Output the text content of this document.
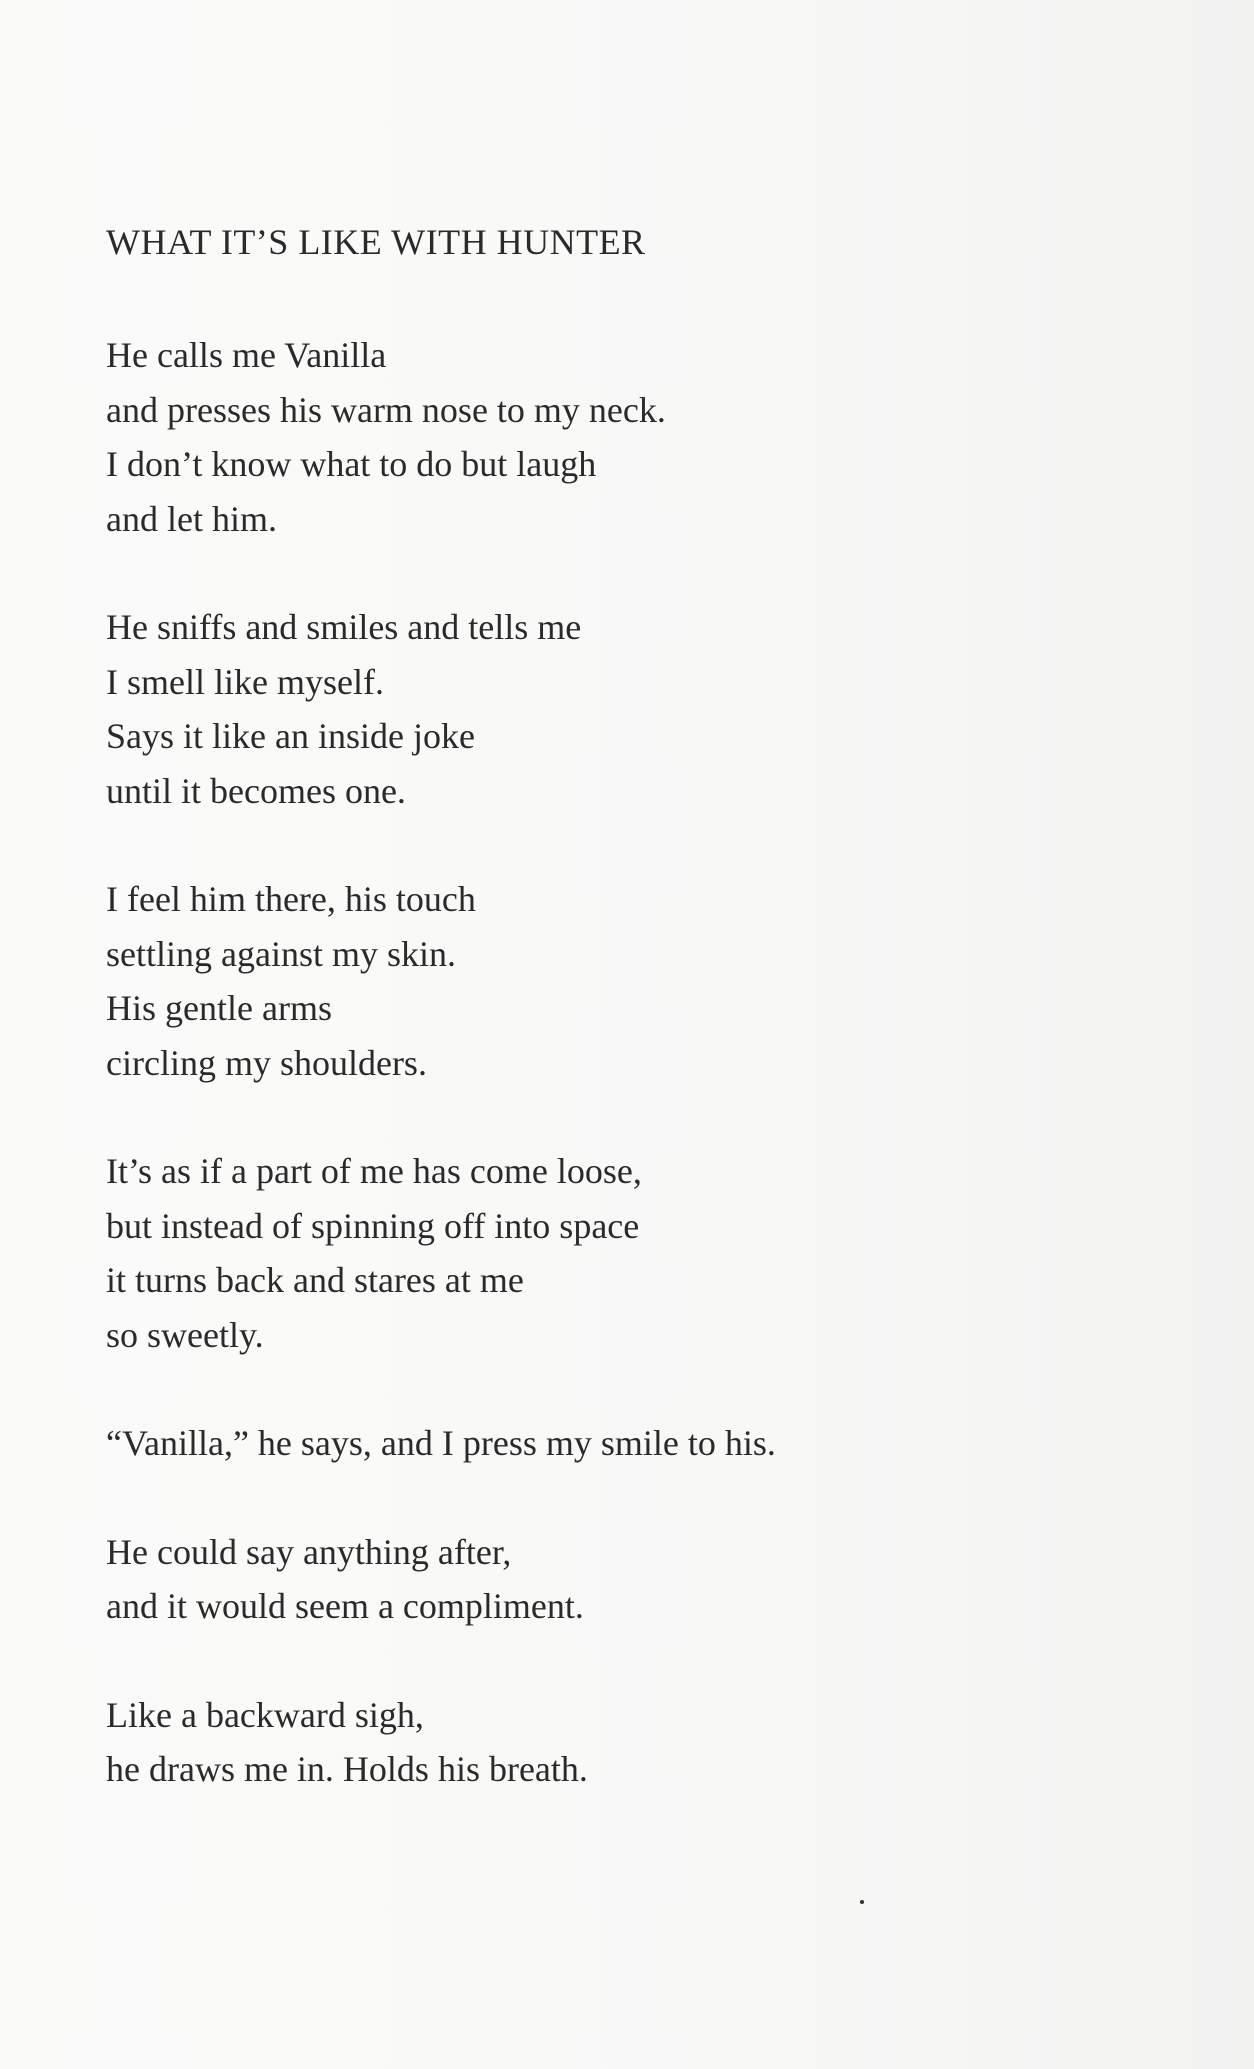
WHAT IT’S LIKE WITH HUNTER
He calls me Vanilla
and presses his warm nose to my neck.
I don’t know what to do but laugh
and let him.
He sniffs and smiles and tells me
I smell like myself.
Says it like an inside joke
until it becomes one.
I feel him there, his touch
settling against my skin.
His gentle arms
circling my shoulders.
It’s as if a part of me has come loose,
but instead of spinning off into space
it turns back and stares at me
so sweetly.
“Vanilla,” he says, and I press my smile to his.
He could say anything after,
and it would seem a compliment.
Like a backward sigh,
he draws me in. Holds his breath.
